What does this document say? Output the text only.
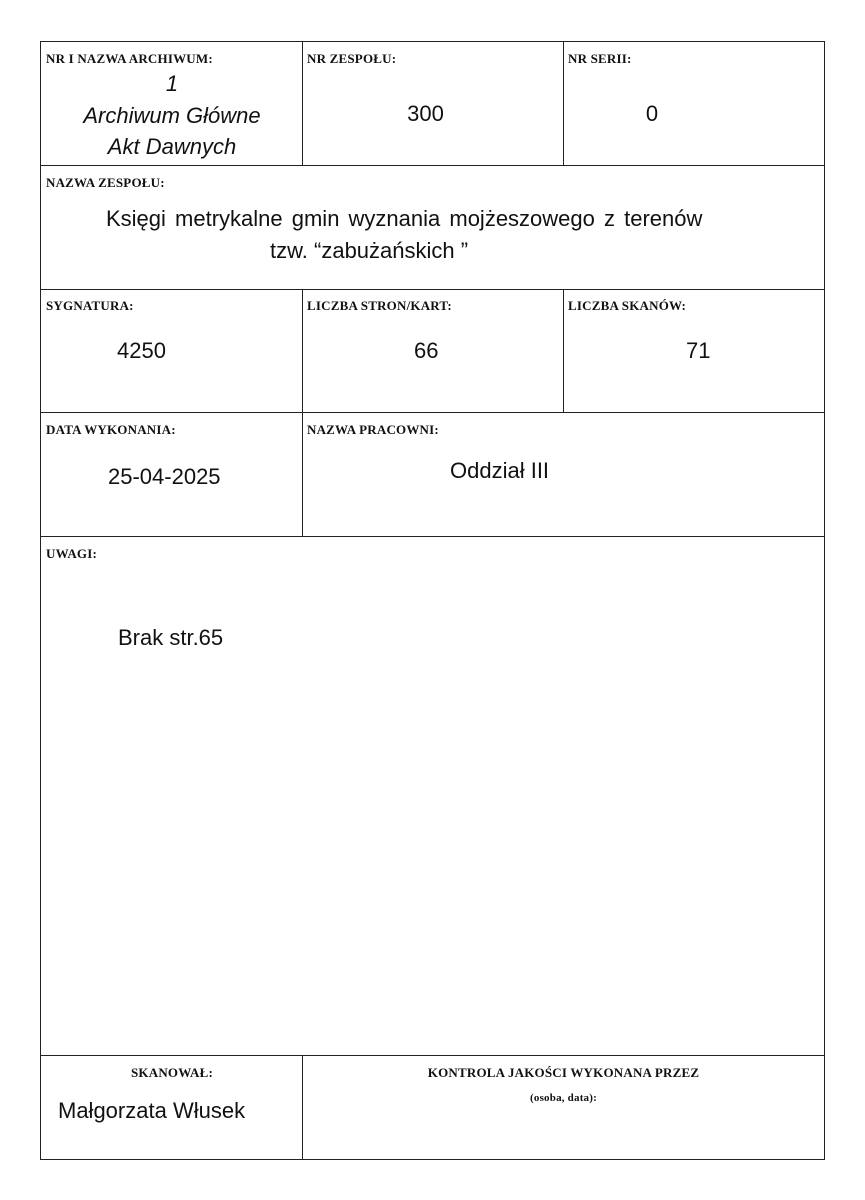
NR I NAZWA ARCHIWUM:
1
Archiwum Główne
Akt Dawnych
NR ZESPOŁU:
300
NR SERII:
0
NAZWA ZESPOŁU:
Księgi metrykalne gmin wyznania mojżeszowego z terenów
tzw. “zabużańskich ”
SYGNATURA:
4250
LICZBA STRON/KART:
66
LICZBA SKANÓW:
71
DATA WYKONANIA:
25-04-2025
NAZWA PRACOWNI:
Oddział III
UWAGI:
Brak str.65
SKANOWAŁ:
Małgorzata Włusek
KONTROLA JAKOŚCI WYKONANA PRZEZ
(osoba, data):
